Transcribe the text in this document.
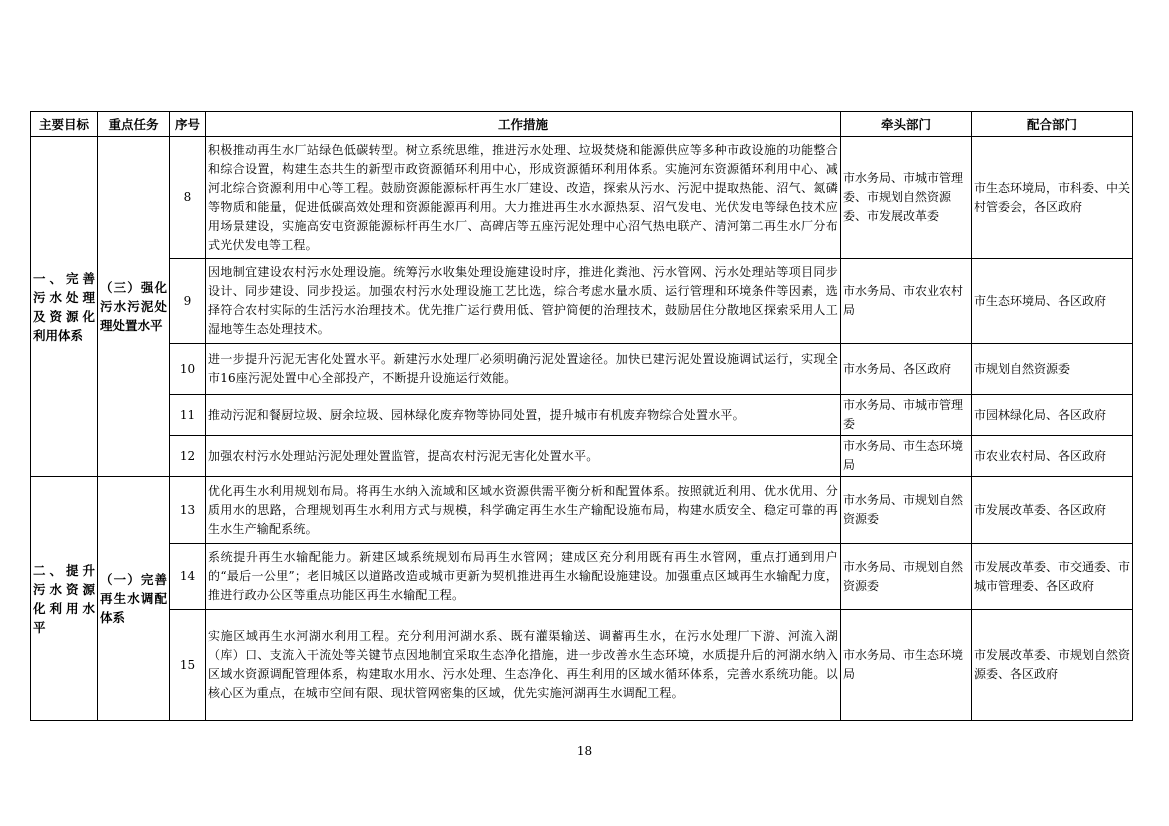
主要目标	重点任务	序号	工作措施	牵头部门	配合部门
一、完善污水处理及资源化利用体系	（三）强化污水污泥处理处置水平	8	积极推动再生水厂站绿色低碳转型。树立系统思维，推进污水处理、垃圾焚烧和能源供应等多种市政设施的功能整合和综合设置，构建生态共生的新型市政资源循环利用中心，形成资源循环利用体系。实施河东资源循环利用中心、减河北综合资源利用中心等工程。鼓励资源能源标杆再生水厂建设、改造，探索从污水、污泥中提取热能、沼气、氮磷等物质和能量，促进低碳高效处理和资源能源再利用。大力推进再生水水源热泵、沼气发电、光伏发电等绿色技术应用场景建设，实施高安屯资源能源标杆再生水厂、高碑店等五座污泥处理中心沼气热电联产、清河第二再生水厂分布式光伏发电等工程。	市水务局、市城市管理委、市规划自然资源委、市发展改革委	市生态环境局，市科委、中关村管委会，各区政府
		9	因地制宜建设农村污水处理设施。统筹污水收集处理设施建设时序，推进化粪池、污水管网、污水处理站等项目同步设计、同步建设、同步投运。加强农村污水处理设施工艺比选，综合考虑水量水质、运行管理和环境条件等因素，选择符合农村实际的生活污水治理技术。优先推广运行费用低、管护简便的治理技术，鼓励居住分散地区探索采用人工湿地等生态处理技术。	市水务局、市农业农村局	市生态环境局、各区政府
		10	进一步提升污泥无害化处置水平。新建污水处理厂必须明确污泥处置途径。加快已建污泥处置设施调试运行，实现全市16座污泥处置中心全部投产，不断提升设施运行效能。	市水务局、各区政府	市规划自然资源委
		11	推动污泥和餐厨垃圾、厨余垃圾、园林绿化废弃物等协同处置，提升城市有机废弃物综合处置水平。	市水务局、市城市管理委	市园林绿化局、各区政府
		12	加强农村污水处理站污泥处理处置监管，提高农村污泥无害化处置水平。	市水务局、市生态环境局	市农业农村局、各区政府
二、提升污水资源化利用水平	（一）完善再生水调配体系	13	优化再生水利用规划布局。将再生水纳入流域和区域水资源供需平衡分析和配置体系。按照就近利用、优水优用、分质用水的思路，合理规划再生水利用方式与规模，科学确定再生水生产输配设施布局，构建水质安全、稳定可靠的再生水生产输配系统。	市水务局、市规划自然资源委	市发展改革委、各区政府
		14	系统提升再生水输配能力。新建区域系统规划布局再生水管网；建成区充分利用既有再生水管网，重点打通到用户的“最后一公里”；老旧城区以道路改造或城市更新为契机推进再生水输配设施建设。加强重点区域再生水输配力度，推进行政办公区等重点功能区再生水输配工程。	市水务局、市规划自然资源委	市发展改革委、市交通委、市城市管理委、各区政府
		15	实施区域再生水河湖水利用工程。充分利用河湖水系、既有灌渠输送、调蓄再生水，在污水处理厂下游、河流入湖（库）口、支流入干流处等关键节点因地制宜采取生态净化措施，进一步改善水生态环境，水质提升后的河湖水纳入区域水资源调配管理体系，构建取水用水、污水处理、生态净化、再生利用的区域水循环体系，完善水系统功能。以核心区为重点，在城市空间有限、现状管网密集的区域，优先实施河湖再生水调配工程。	市水务局、市生态环境局	市发展改革委、市规划自然资源委、各区政府
18
